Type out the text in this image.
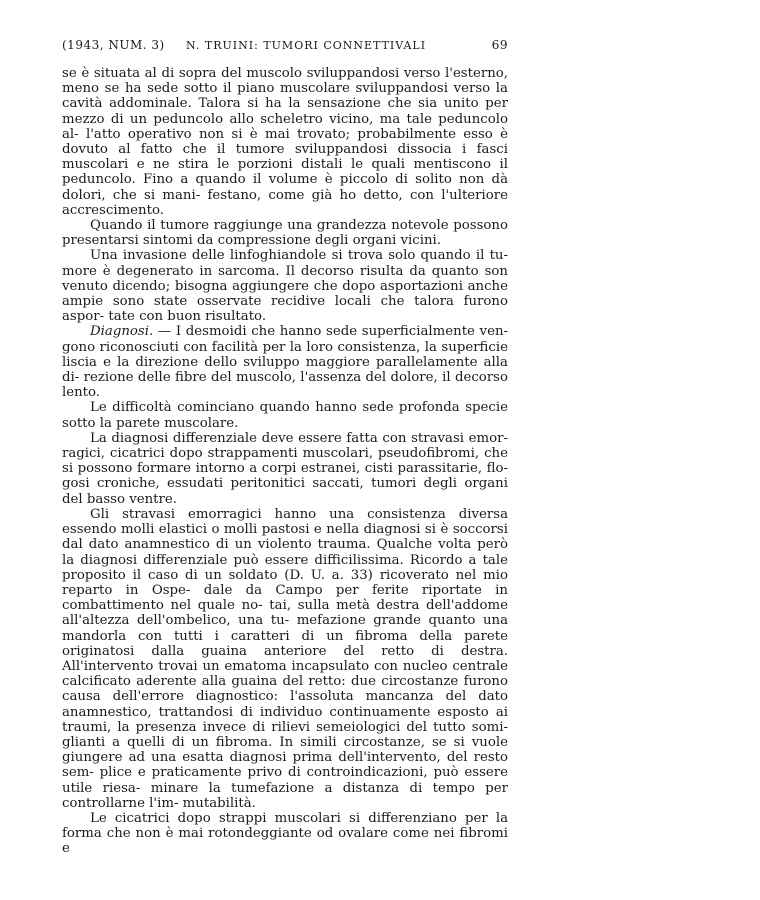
(1943, NUM. 3) N. TRUINI: TUMORI CONNETTIVALI	69

se è situata al di sopra del muscolo sviluppandosi verso l'esterno, meno se ha sede sotto il piano muscolare sviluppandosi verso la cavità addominale. Talora si ha la sensazione che sia unito per mezzo di un peduncolo allo scheletro vicino, ma tale peduncolo al- l'atto operativo non si è mai trovato; probabilmente esso è dovuto al fatto che il tumore sviluppandosi dissocia i fasci muscolari e ne stira le porzioni distali le quali mentiscono il peduncolo. Fino a quando il volume è piccolo di solito non dà dolori, che si mani- festano, come già ho detto, con l'ulteriore accrescimento.

Quando il tumore raggiunge una grandezza notevole possono presentarsi sintomi da compressione degli organi vicini.

Una invasione delle linfoghiandole si trova solo quando il tu- more è degenerato in sarcoma. Il decorso risulta da quanto son venuto dicendo; bisogna aggiungere che dopo asportazioni anche ampie sono state osservate recidive locali che talora furono aspor- tate con buon risultato.

Diagnosi. — I desmoidi che hanno sede superficialmente ven- gono riconosciuti con facilità per la loro consistenza, la superficie liscia e la direzione dello sviluppo maggiore parallelamente alla di- rezione delle fibre del muscolo, l'assenza del dolore, il decorso lento.

Le difficoltà cominciano quando hanno sede profonda specie sotto la parete muscolare.

La diagnosi differenziale deve essere fatta con stravasi emor- ragici, cicatrici dopo strappamenti muscolari, pseudofibromi, che si possono formare intorno a corpi estranei, cisti parassitarie, flo- gosi croniche, essudati peritonitici saccati, tumori degli organi del basso ventre.

Gli stravasi emorragici hanno una consistenza diversa essendo molli elastici o molli pastosi e nella diagnosi si è soccorsi dal dato anamnestico di un violento trauma. Qualche volta però la diagnosi differenziale può essere difficilissima. Ricordo a tale proposito il caso di un soldato (D. U. a. 33) ricoverato nel mio reparto in Ospe- dale da Campo per ferite riportate in combattimento nel quale no- tai, sulla metà destra dell'addome all'altezza dell'ombelico, una tu- mefazione grande quanto una mandorla con tutti i caratteri di un fibroma della parete originatosi dalla guaina anteriore del retto di destra. All'intervento trovai un ematoma incapsulato con nucleo centrale calcificato aderente alla guaina del retto: due circostanze furono causa dell'errore diagnostico: l'assoluta mancanza del dato anamnestico, trattandosi di individuo continuamente esposto ai traumi, la presenza invece di rilievi semeiologici del tutto somi- glianti a quelli di un fibroma. In simili circostanze, se si vuole giungere ad una esatta diagnosi prima dell'intervento, del resto sem- plice e praticamente privo di controindicazioni, può essere utile riesa- minare la tumefazione a distanza di tempo per controllarne l'im- mutabilità.

Le cicatrici dopo strappi muscolari si differenziano per la forma che non è mai rotondeggiante od ovalare come nei fibromi e
